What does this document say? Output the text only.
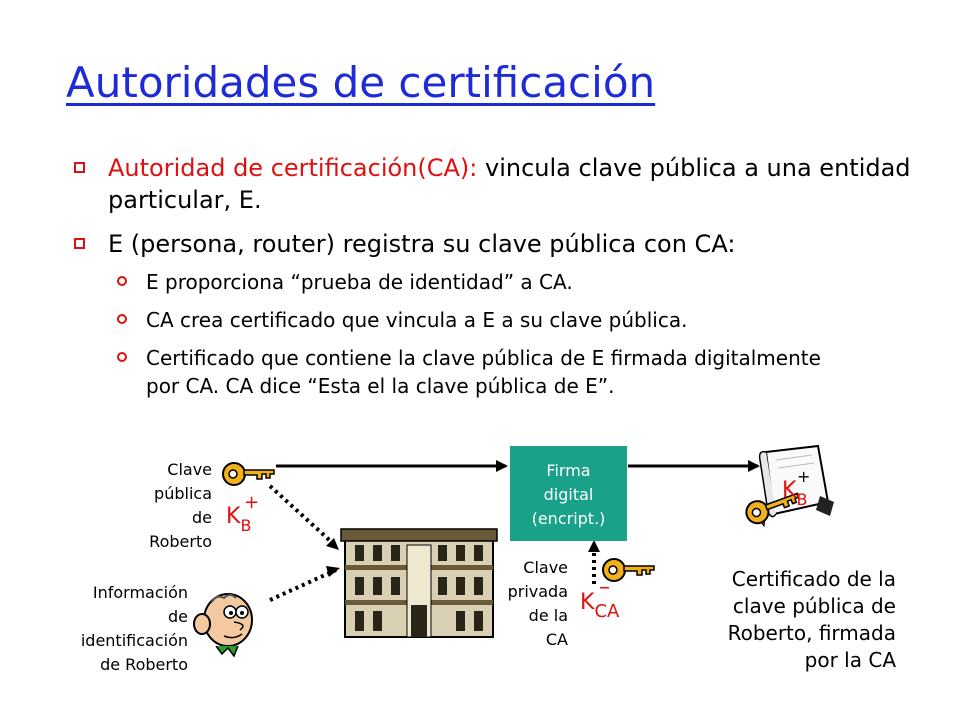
Autoridades de certificación
Autoridad de certificación(CA): vincula clave pública a una entidad particular, E.
E (persona, router) registra su clave pública con CA:
E proporciona “prueba de identidad” a CA.
CA crea certificado que vincula a E a su clave pública.
Certificado que contiene la clave pública de E firmada digitalmente por CA. CA dice “Esta el la clave pública de E”.
$K_B$
+	$K_B$
+
$K_{CA}$
–
Clave
pública
de
Roberto
Información
de
identificación
de Roberto
Firma
digital
(encript.)
Clave
privada
de la
CA
Certificado de la
clave pública de
Roberto, firmada
por la CA
